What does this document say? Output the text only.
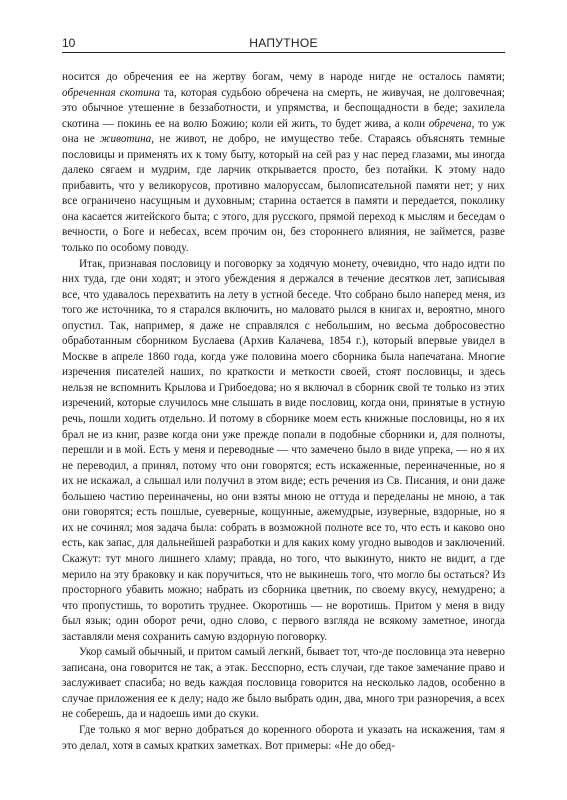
10	НАПУТНОЕ

носится до обречения ее на жертву богам, чему в народе нигде не осталось памяти; обреченная скотина та, которая судьбою обречена на смерть, не живучая, не долговечная; это обычное утешение в беззаботности, и упрямства, и беспощадности в беде; захилела скотина — покинь ее на волю Божию; коли ей жить, то будет жива, а коли обречена, то уж она не животина, не живот, не добро, не имущество тебе. Стараясь объяснять темные пословицы и применять их к тому быту, который на сей раз у нас перед глазами, мы иногда далеко сягаем и мудрим, где ларчик открывается просто, без потайки. К этому надо прибавить, что у великорусов, противно малоруссам, былописательной памяти нет; у них все ограничено насущным и духовным; старина остается в памяти и передается, поколику она касается житейского быта; с этого, для русского, прямой переход к мыслям и беседам о вечности, о Боге и небесах, всем прочим он, без стороннего влияния, не займется, разве только по особому поводу.

Итак, признавая пословицу и поговорку за ходячую монету, очевидно, что надо идти по них туда, где они ходят; и этого убеждения я держался в течение десятков лет, записывая все, что удавалось перехватить на лету в устной беседе. Что собрано было наперед меня, из того же источника, то я старался включить, но маловато рылся в книгах и, вероятно, много опустил. Так, например, я даже не справлялся с небольшим, но весьма добросовестно обработанным сборником Буслаева (Архив Калачева, 1854 г.), который впервые увидел в Москве в апреле 1860 года, когда уже половина моего сборника была напечатана. Многие изречения писателей наших, по краткости и меткости своей, стоят пословицы, и здесь нельзя не вспомнить Крылова и Грибоедова; но я включал в сборник свой те только из этих изречений, которые случилось мне слышать в виде пословиц, когда они, принятые в устную речь, пошли ходить отдельно. И потому в сборнике моем есть книжные пословицы, но я их брал не из книг, разве когда они уже прежде попали в подобные сборники и, для полноты, перешли и в мой. Есть у меня и переводные — что замечено было в виде упрека, — но я их не переводил, а принял, потому что они говорятся; есть искаженные, переиначенные, но я их не искажал, а слышал или получил в этом виде; есть речения из Св. Писания, и они даже большею частию переиначены, но они взяты мною не оттуда и переделаны не мною, а так они говорятся; есть пошлые, суеверные, кощунные, ажемудрые, изуверные, вздорные, но я их не сочинял; моя задача была: собрать в возможной полноте все то, что есть и каково оно есть, как запас, для дальнейшей разработки и для каких кому угодно выводов и заключений. Скажут: тут много лишнего хламу; правда, но того, что выкинуто, никто не видит, а где мерило на эту браковку и как поручиться, что не выкинешь того, что могло бы остаться? Из просторного убавить можно; набрать из сборника цветник, по своему вкусу, немудрено; а что пропустишь, то воротить труднее. Окоротишь — не воротишь. Притом у меня в виду был язык; один оборот речи, одно слово, с первого взгляда не всякому заметное, иногда заставляли меня сохранить самую вздорную поговорку.

Укор самый обычный, и притом самый легкий, бывает тот, что-де пословица эта неверно записана, она говорится не так, а этак. Бесспорно, есть случаи, где такое замечание право и заслуживает спасиба; но ведь каждая пословица говорится на несколько ладов, особенно в случае приложения ее к делу; надо же было выбрать один, два, много три разноречия, а всех не соберешь, да и надоешь ими до скуки.

Где только я мог верно добраться до коренного оборота и указать на искажения, там я это делал, хотя в самых кратких заметках. Вот примеры: «Не до обед-
